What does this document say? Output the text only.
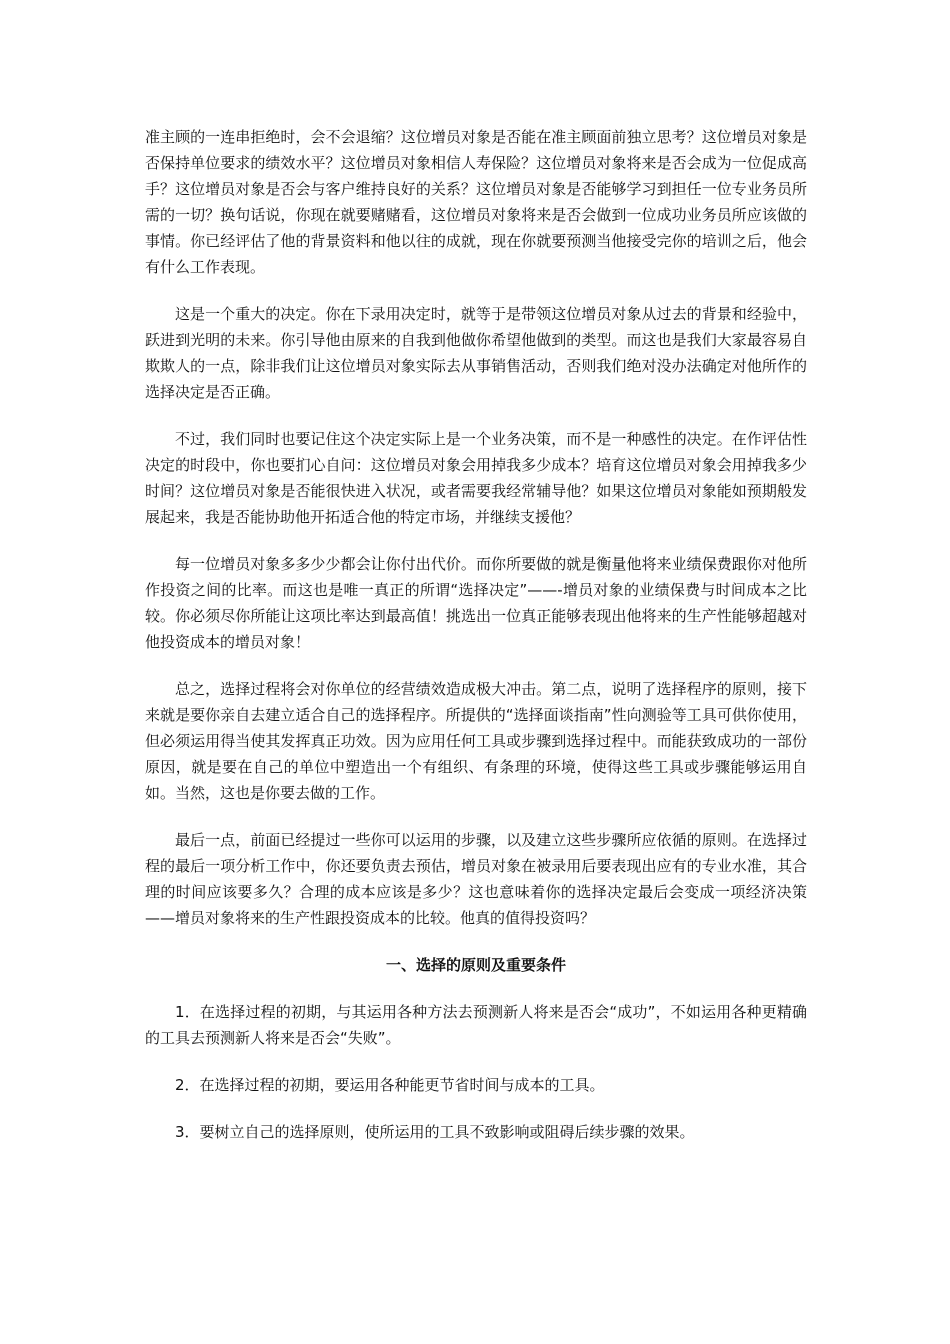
准主顾的一连串拒绝时，会不会退缩？这位增员对象是否能在准主顾面前独立思考？这位增员对象是否保持单位要求的绩效水平？这位增员对象相信人寿保险？这位增员对象将来是否会成为一位促成高手？这位增员对象是否会与客户维持良好的关系？这位增员对象是否能够学习到担任一位专业务员所需的一切？换句话说，你现在就要赌赌看，这位增员对象将来是否会做到一位成功业务员所应该做的事情。你已经评估了他的背景资料和他以往的成就，现在你就要预测当他接受完你的培训之后，他会有什么工作表现。

这是一个重大的决定。你在下录用决定时，就等于是带领这位增员对象从过去的背景和经验中，跃进到光明的未来。你引导他由原来的自我到他做你希望他做到的类型。而这也是我们大家最容易自欺欺人的一点，除非我们让这位增员对象实际去从事销售活动，否则我们绝对没办法确定对他所作的选择决定是否正确。

不过，我们同时也要记住这个决定实际上是一个业务决策，而不是一种感性的决定。在作评估性决定的时段中，你也要扪心自问：这位增员对象会用掉我多少成本？培育这位增员对象会用掉我多少时间？这位增员对象是否能很快进入状况，或者需要我经常辅导他？如果这位增员对象能如预期般发展起来，我是否能协助他开拓适合他的特定市场，并继续支援他？

每一位增员对象多多少少都会让你付出代价。而你所要做的就是衡量他将来业绩保费跟你对他所作投资之间的比率。而这也是唯一真正的所谓“选择决定”——-增员对象的业绩保费与时间成本之比较。你必须尽你所能让这项比率达到最高值！挑选出一位真正能够表现出他将来的生产性能够超越对他投资成本的增员对象！

总之，选择过程将会对你单位的经营绩效造成极大冲击。第二点，说明了选择程序的原则，接下来就是要你亲自去建立适合自己的选择程序。所提供的“选择面谈指南”性向测验等工具可供你使用，但必须运用得当使其发挥真正功效。因为应用任何工具或步骤到选择过程中。而能获致成功的一部份原因，就是要在自己的单位中塑造出一个有组织、有条理的环境，使得这些工具或步骤能够运用自如。当然，这也是你要去做的工作。

最后一点，前面已经提过一些你可以运用的步骤，以及建立这些步骤所应依循的原则。在选择过程的最后一项分析工作中，你还要负责去预估，增员对象在被录用后要表现出应有的专业水准，其合理的时间应该要多久？合理的成本应该是多少？这也意味着你的选择决定最后会变成一项经济决策——增员对象将来的生产性跟投资成本的比较。他真的值得投资吗？

一、选择的原则及重要条件

1．在选择过程的初期，与其运用各种方法去预测新人将来是否会“成功”，不如运用各种更精确的工具去预测新人将来是否会“失败”。

2．在选择过程的初期，要运用各种能更节省时间与成本的工具。

3．要树立自己的选择原则，使所运用的工具不致影响或阻碍后续步骤的效果。
